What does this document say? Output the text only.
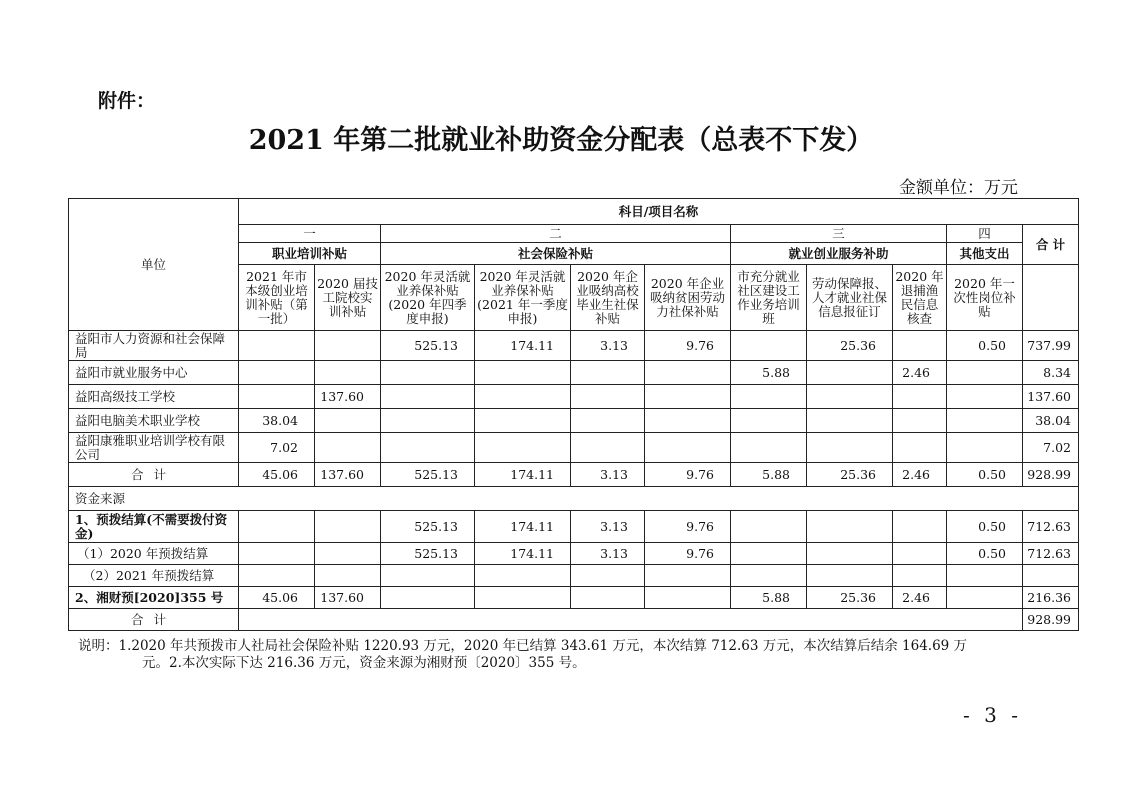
附件：

2021 年第二批就业补助资金分配表（总表不下发）

金额单位：万元

单位	科目/项目名称										
	一		二				三			四	合 计
	职业培训补贴		社会保险补贴				就业创业服务补助			其他支出	
	2021 年市本级创业培训补贴（第一批）	2020 届技工院校实训补贴	2020 年灵活就业养保补贴(2020 年四季度申报)	2020 年灵活就业养保补贴(2021 年一季度申报)	2020 年企业吸纳高校毕业生社保补贴	2020 年企业吸纳贫困劳动力社保补贴	市充分就业社区建设工作业务培训班	劳动保障报、人才就业社保信息报征订	2020 年退捕渔民信息核查	2020 年一次性岗位补贴	
益阳市人力资源和社会保障局			525.13	174.11	3.13	9.76		25.36		0.50	737.99
益阳市就业服务中心							5.88		2.46		8.34
益阳高级技工学校		137.60									137.60
益阳电脑美术职业学校	38.04										38.04
益阳康雅职业培训学校有限公司	7.02										7.02
合计	45.06	137.60	525.13	174.11	3.13	9.76	5.88	25.36	2.46	0.50	928.99
资金来源											
1、预拨结算(不需要拨付资金)			525.13	174.11	3.13	9.76				0.50	712.63
（1）2020 年预拨结算			525.13	174.11	3.13	9.76				0.50	712.63
（2）2021 年预拨结算											
2、湘财预[2020]355 号	45.06	137.60					5.88	25.36	2.46		216.36
合计											928.99

说明：1.2020 年共预拨市人社局社会保险补贴 1220.93 万元，2020 年已结算 343.61 万元，本次结算 712.63 万元，本次结算后结余 164.69 万
元。2.本次实际下达 216.36 万元，资金来源为湘财预〔2020〕355 号。

- 3 -
